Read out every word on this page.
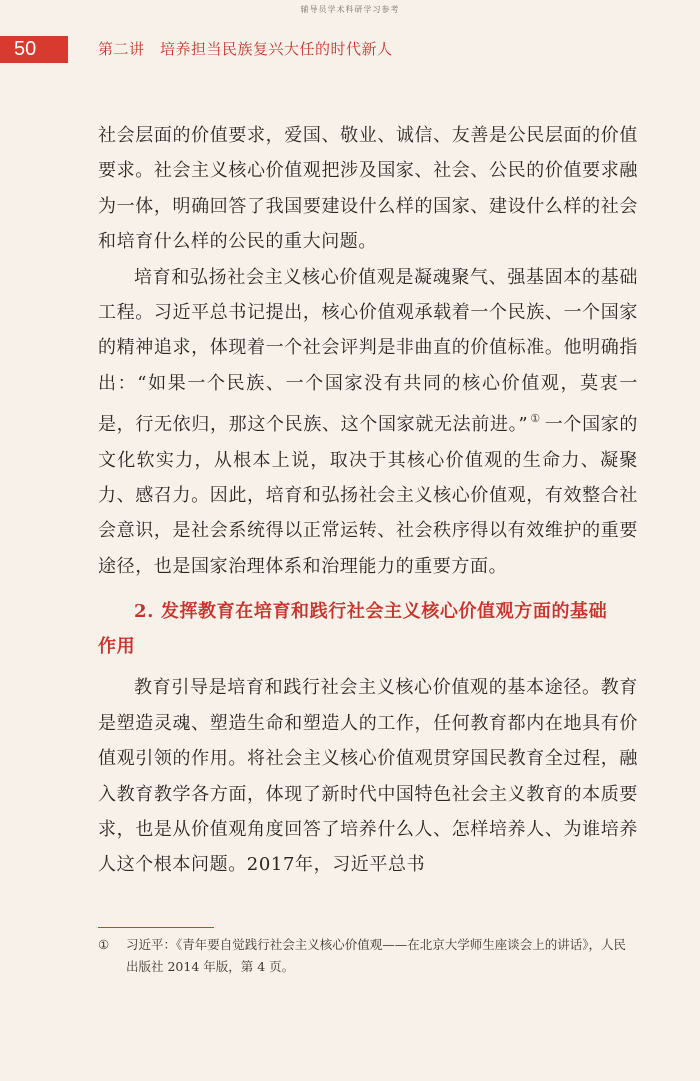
辅导员学术科研学习参考
50	第二讲　培养担当民族复兴大任的时代新人

社会层面的价值要求，爱国、敬业、诚信、友善是公民层面的价值要求。社会主义核心价值观把涉及国家、社会、公民的价值要求融为一体，明确回答了我国要建设什么样的国家、建设什么样的社会和培育什么样的公民的重大问题。

培育和弘扬社会主义核心价值观是凝魂聚气、强基固本的基础工程。习近平总书记提出，核心价值观承载着一个民族、一个国家的精神追求，体现着一个社会评判是非曲直的价值标准。他明确指出：“如果一个民族、一个国家没有共同的核心价值观，莫衷一是，行无依归，那这个民族、这个国家就无法前进。” ① 一个国家的文化软实力，从根本上说，取决于其核心价值观的生命力、凝聚力、感召力。因此，培育和弘扬社会主义核心价值观，有效整合社会意识，是社会系统得以正常运转、社会秩序得以有效维护的重要途径，也是国家治理体系和治理能力的重要方面。

2. 发挥教育在培育和践行社会主义核心价值观方面的基础
作用

教育引导是培育和践行社会主义核心价值观的基本途径。教育是塑造灵魂、塑造生命和塑造人的工作，任何教育都内在地具有价值观引领的作用。将社会主义核心价值观贯穿国民教育全过程，融入教育教学各方面，体现了新时代中国特色社会主义教育的本质要求，也是从价值观角度回答了培养什么人、怎样培养人、为谁培养人这个根本问题。2017年，习近平总书

① 习近平：《青年要自觉践行社会主义核心价值观——在北京大学师生座谈会上的讲话》，人民出版社 2014 年版，第 4 页。
